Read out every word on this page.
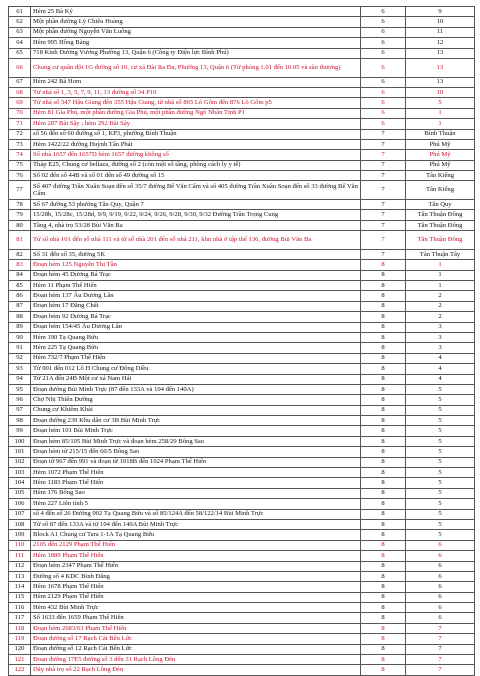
61	Hẻm 25 Bà Ký	6	9
62	Một phần đường Lý Chiêu Hoàng	6	10
63	Một phần đường Nguyễn Văn Luông	6	11
64	Hẻm 995 Hồng Bàng	6	12
65	718 Kinh Dương Vương Phường 13, Quận 6 (Công ty Điện lực Bình Phú)	6	13
66	Chung cư quân đội 1G đường số 10, cư xá Đài Ra Đa, Phường 13, Quận 6 (Từ phòng 1.01 đến 10.05 và sân thượng)	6	13
67	Hẻm 242 Bà Hom	6	13
68	Từ nhà số 1, 3, 5, 7, 9, 11, 13 đường số 34 P10	6	10
69	Từ nhà số 347 Hậu Giang đến 355 Hậu Giang, từ nhà số 865 Lò Gốm đến 876 Lò Gốm p5	6	5
70	Hẻm 81 Gia Phú, một phần đường Gia Phú, một phần đường Ngô Nhân Tịnh P1	6	1
71	Hẻm 287 Bãi Sậy ; hẻm 292 Bãi Sậy	6	1
72	số 56 đến số 60 đường số 1, KP3, phường Bình Thuận	7	Bình Thuận
73	Hẻm 1422/22 đường Huỳnh Tấn Phát	7	Phú Mỹ
74	Số nhà 1657 đến 1657D hẻm 1657 đường không số	7	Phú Mỹ
75	Tháp E25, Chung cư bellaza, đường số 2 (còn một số tầng, phòng cách ly y tế)	7	Phú Mỹ
76	Số 02 đến số 44B và số 01 đến số 49 đường số 15	7	Tân Kiểng
77	Số 407 đường Trần Xuân Soạn đến số 35/7 đường Bế Văn Cấm và số 405 đường Trần Xuân Soạn đến số 33 đường Bế Văn Cấm	7	Tân Kiểng
78	Số 67 đường 53 phường Tân Quy, Quận 7	7	Tân Quy
79	15/28b, 15/28c, 15/28d, 9/9, 9/19, 9/22, 9/24, 9/26, 9/28, 9/30, 9/32 Đường Trần Trọng Cung	7	Tân Thuận Đông
80	Tầng 4, nhà trọ 53/28 Bùi Văn Ba	7	Tân Thuận Đông
81	Từ số nhà 101 đến số nhà 111 và từ số nhà 201 đến số nhà 211, khu nhà ở tập thể 136, đường Bùi Văn Ba	7	Tân Thuận Đông
82	Số 31 đến số 35, đường 5K	7	Tân Thuận Tây
83	Đoạn hẻm 125 Nguyễn Thị Tần	8	1
84	Đoạn hẻm 45 Dương Bá Trạc	8	1
85	Hẻm 11 Phạm Thế Hiển	8	1
86	Đoạn hẻm 137 Âu Dương Lân	8	2
87	Đoạn hẻm 17 Đặng Chất	8	2
88	Đoạn hẻm 92 Dương Bá Trạc	8	2
89	Đoạn hẻm 154/45 Âu Dương Lân	8	3
90	Hẻm 190 Tạ Quang Bửu	8	3
91	Hẻm 225 Tạ Quang Bửu	8	3
92	Hẻm 732/7 Phạm Thế Hiển	8	4
93	Từ 001 đến 012 Lô H Chung cư Đông Diều	8	4
94	Từ 21A đến 24B Một cư xá Nam Hải	8	4
95	Đoạn đường Bùi Minh Trực (87 đến 133A và 104 đến 140A)	8	5
96	Chợ Nhị Thiên Đường	8	5
97	Chung cư Khiêm Khải	8	5
98	Đoạn đường 239 Khu dân cư 3B Bùi Minh Trực	8	5
99	Đoạn hẻm 101 Bùi Minh Trực	8	5
100	Đoạn hẻm 85/105 Bùi Minh Trực và đoạn hẻm 258/29 Bông Sao	8	5
101	Đoạn hẻm từ 215/15 đến 60/5 Bông Sao	8	5
102	Đoạn từ 967 đến 991 và đoạn từ 1018B đến 1024 Phạm Thế Hiển	8	5
103	Hẻm 1072 Phạm Thế Hiển	8	5
104	Hẻm 1183 Phạm Thế Hiển	8	5
105	Hẻm 176 Bông Sao	8	5
106	Hẻm 227 Liên tỉnh 5	8	5
107	số 4 đến số 26 Đường 902 Tạ Quang Bửu và số 85/124A đến 58/122/14 Bùi Minh Trực	8	5
108	Từ số 87 đến 133A và từ 104 đến 140A Bùi Minh Trực	8	5
109	Block A1 Chung cư Tara 1-1A Tạ Quang Bửu	8	5
110	2105 đến 2129 Phạm Thế Hiển	8	6
111	Hẻm 1889 Phạm Thế Hiển	8	6
112	Đoạn hẻm 2347 Phạm Thế Hiển	8	6
113	Đường số 4 KDC Bình Đăng	8	6
114	Hẻm 1678 Phạm Thế Hiển	8	6
115	Hẻm 2129 Phạm Thế Hiển	8	6
116	Hẻm 432 Bùi Minh Trực	8	6
117	Số 1633 đến 1659 Phạm Thế Hiển	8	6
118	Đoạn hẻm 2683/63 Phạm Thế Hiển	8	7
119	Đoạn đường số 17 Rạch Cát Bến Lức	8	7
120	Đoạn đường số 12 Rạch Cát Bến Lức	8	7
121	Đoạn đường 17E5 đường số 3 đến 31 Rạch Lồng Đèn	8	7
122	Dãy nhà trọ số 22 Rạch Lồng Đèn	8	7
